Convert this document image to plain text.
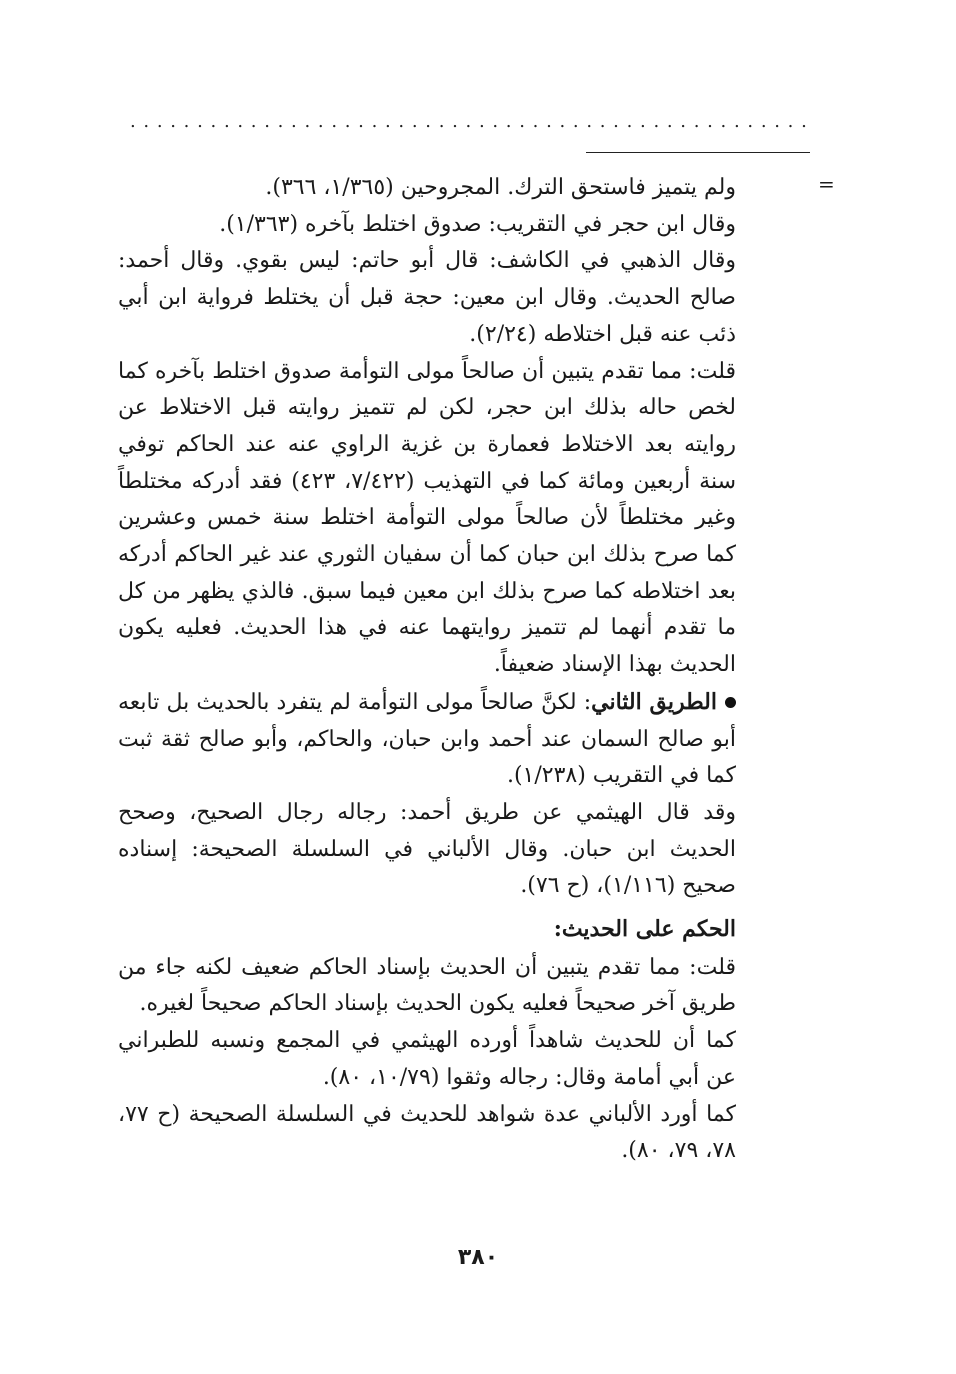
...................................................
=

ولم يتميز فاستحق الترك. المجروحين (١/٣٦٥، ٣٦٦).

وقال ابن حجر في التقريب: صدوق اختلط بآخره (١/٣٦٣).

وقال الذهبي في الكاشف: قال أبو حاتم: ليس بقوي. وقال أحمد: صالح الحديث. وقال ابن معين: حجة قبل أن يختلط فرواية ابن أبي ذئب عنه قبل اختلاطه (٢/٢٤).

قلت: مما تقدم يتبين أن صالحاً مولى التوأمة صدوق اختلط بآخره كما لخص حاله بذلك ابن حجر، لكن لم تتميز روايته قبل الاختلاط عن روايته بعد الاختلاط فعمارة بن غزية الراوي عنه عند الحاكم توفي سنة أربعين ومائة كما في التهذيب (٧/٤٢٢، ٤٢٣) فقد أدركه مختلطاً وغير مختلطاً لأن صالحاً مولى التوأمة اختلط سنة خمس وعشرين كما صرح بذلك ابن حبان كما أن سفيان الثوري عند غير الحاكم أدركه بعد اختلاطه كما صرح بذلك ابن معين فيما سبق. فالذي يظهر من كل ما تقدم أنهما لم تتميز روايتهما عنه في هذا الحديث. فعليه يكون الحديث بهذا الإسناد ضعيفاً.

الطريق الثاني: لكنَّ صالحاً مولى التوأمة لم يتفرد بالحديث بل تابعه أبو صالح السمان عند أحمد وابن حبان، والحاكم، وأبو صالح ثقة ثبت كما في التقريب (١/٢٣٨).

وقد قال الهيثمي عن طريق أحمد: رجاله رجال الصحيح، وصحح الحديث ابن حبان. وقال الألباني في السلسلة الصحيحة: إسناده صحيح (١/١١٦)، (ح ٧٦).

الحكم على الحديث:

قلت: مما تقدم يتبين أن الحديث بإسناد الحاكم ضعيف لكنه جاء من طريق آخر صحيحاً فعليه يكون الحديث بإسناد الحاكم صحيحاً لغيره.

كما أن للحديث شاهداً أورده الهيثمي في المجمع ونسبه للطبراني عن أبي أمامة وقال: رجاله وثقوا (١٠/٧٩، ٨٠).

كما أورد الألباني عدة شواهد للحديث في السلسلة الصحيحة (ح ٧٧، ٧٨، ٧٩، ٨٠).

٣٨٠
